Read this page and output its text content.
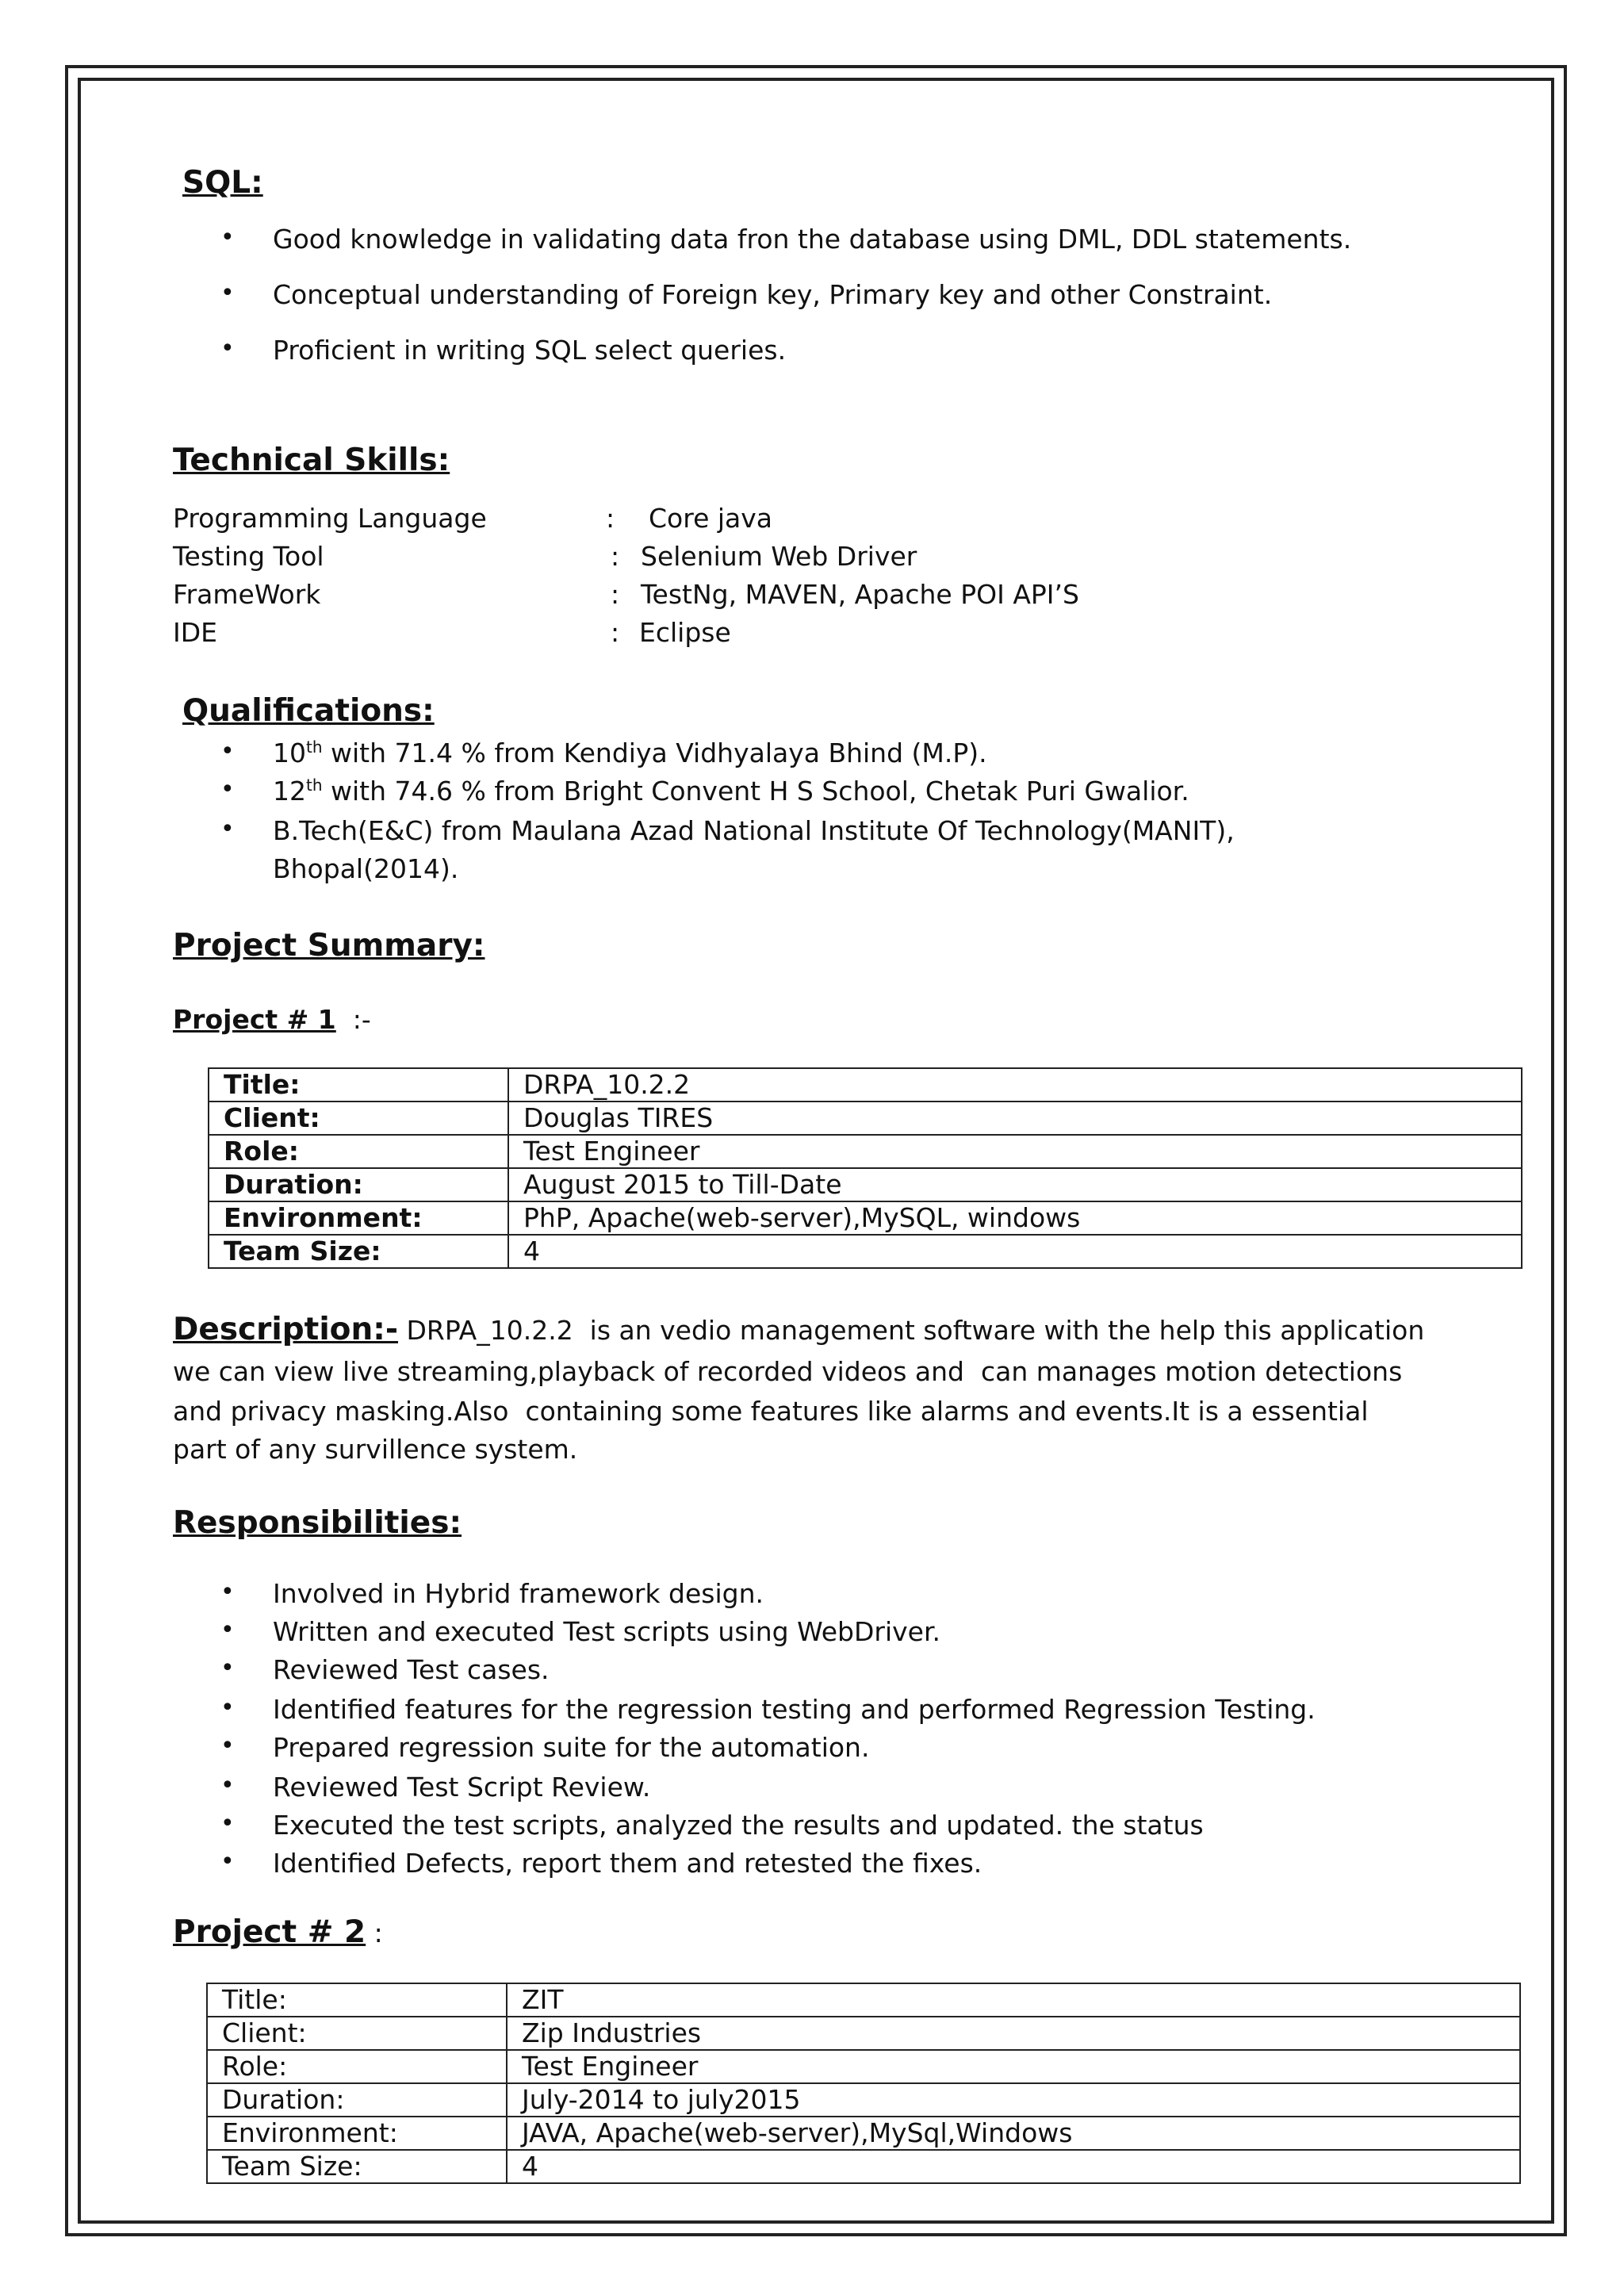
SQL:
• Good knowledge in validating data fron the database using DML, DDL statements.
• Conceptual understanding of Foreign key, Primary key and other Constraint.
• Proficient in writing SQL select queries.
Technical Skills:
Programming Language	: Core java
Testing Tool	: Selenium Web Driver
FrameWork	: TestNg, MAVEN, Apache POI API’S
IDE	: Eclipse
Qualifications:
• 10th with 71.4 % from Kendiya Vidhyalaya Bhind (M.P).
• 12th with 74.6 % from Bright Convent H S School, Chetak Puri Gwalior.
• B.Tech(E&C) from Maulana Azad National Institute Of Technology(MANIT),
Bhopal(2014).
Project Summary:
Project # 1  :-
Title:	DRPA_10.2.2
Client:	Douglas TIRES
Role:	Test Engineer
Duration:	August 2015 to Till-Date
Environment:	PhP, Apache(web-server),MySQL, windows
Team Size:	4
Description:- DRPA_10.2.2  is an vedio management software with the help this application
we can view live streaming,playback of recorded videos and  can manages motion detections
and privacy masking.Also  containing some features like alarms and events.It is a essential
part of any survillence system.
Responsibilities:
• Involved in Hybrid framework design.
• Written and executed Test scripts using WebDriver.
• Reviewed Test cases.
• Identified features for the regression testing and performed Regression Testing.
• Prepared regression suite for the automation.
• Reviewed Test Script Review.
• Executed the test scripts, analyzed the results and updated. the status
• Identified Defects, report them and retested the fixes.
Project # 2 :
Title:	ZIT
Client:	Zip Industries
Role:	Test Engineer
Duration:	July-2014 to july2015
Environment:	JAVA, Apache(web-server),MySql,Windows
Team Size:	4
